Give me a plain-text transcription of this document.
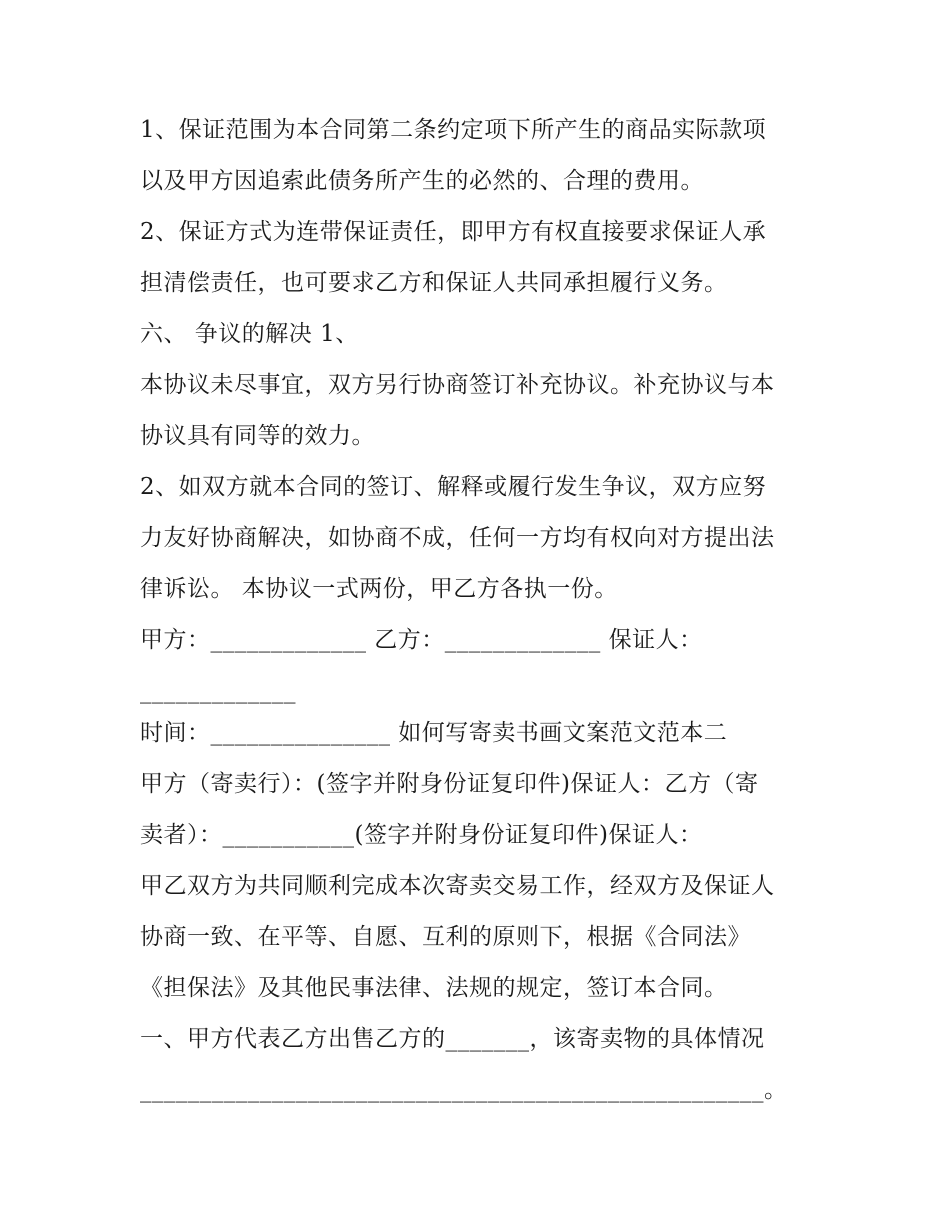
1、保证范围为本合同第二条约定项下所产生的商品实际款项
以及甲方因追索此债务所产生的必然的、合理的费用。
2、保证方式为连带保证责任，即甲方有权直接要求保证人承
担清偿责任，也可要求乙方和保证人共同承担履行义务。
六、 争议的解决 1、
本协议未尽事宜，双方另行协商签订补充协议。补充协议与本
协议具有同等的效力。
2、如双方就本合同的签订、解释或履行发生争议，双方应努
力友好协商解决，如协商不成，任何一方均有权向对方提出法
律诉讼。 本协议一式两份，甲乙方各执一份。
甲方：_____________ 乙方：_____________ 保证人：
_____________
时间：_______________ 如何写寄卖书画文案范文范本二
甲方（寄卖行）：(签字并附身份证复印件)保证人：乙方（寄
卖者）：___________(签字并附身份证复印件)保证人：
甲乙双方为共同顺利完成本次寄卖交易工作，经双方及保证人
协商一致、在平等、自愿、互利的原则下，根据《合同法》
《担保法》及其他民事法律、法规的规定，签订本合同。
一、甲方代表乙方出售乙方的_______，该寄卖物的具体情况
____________________________________________________。
